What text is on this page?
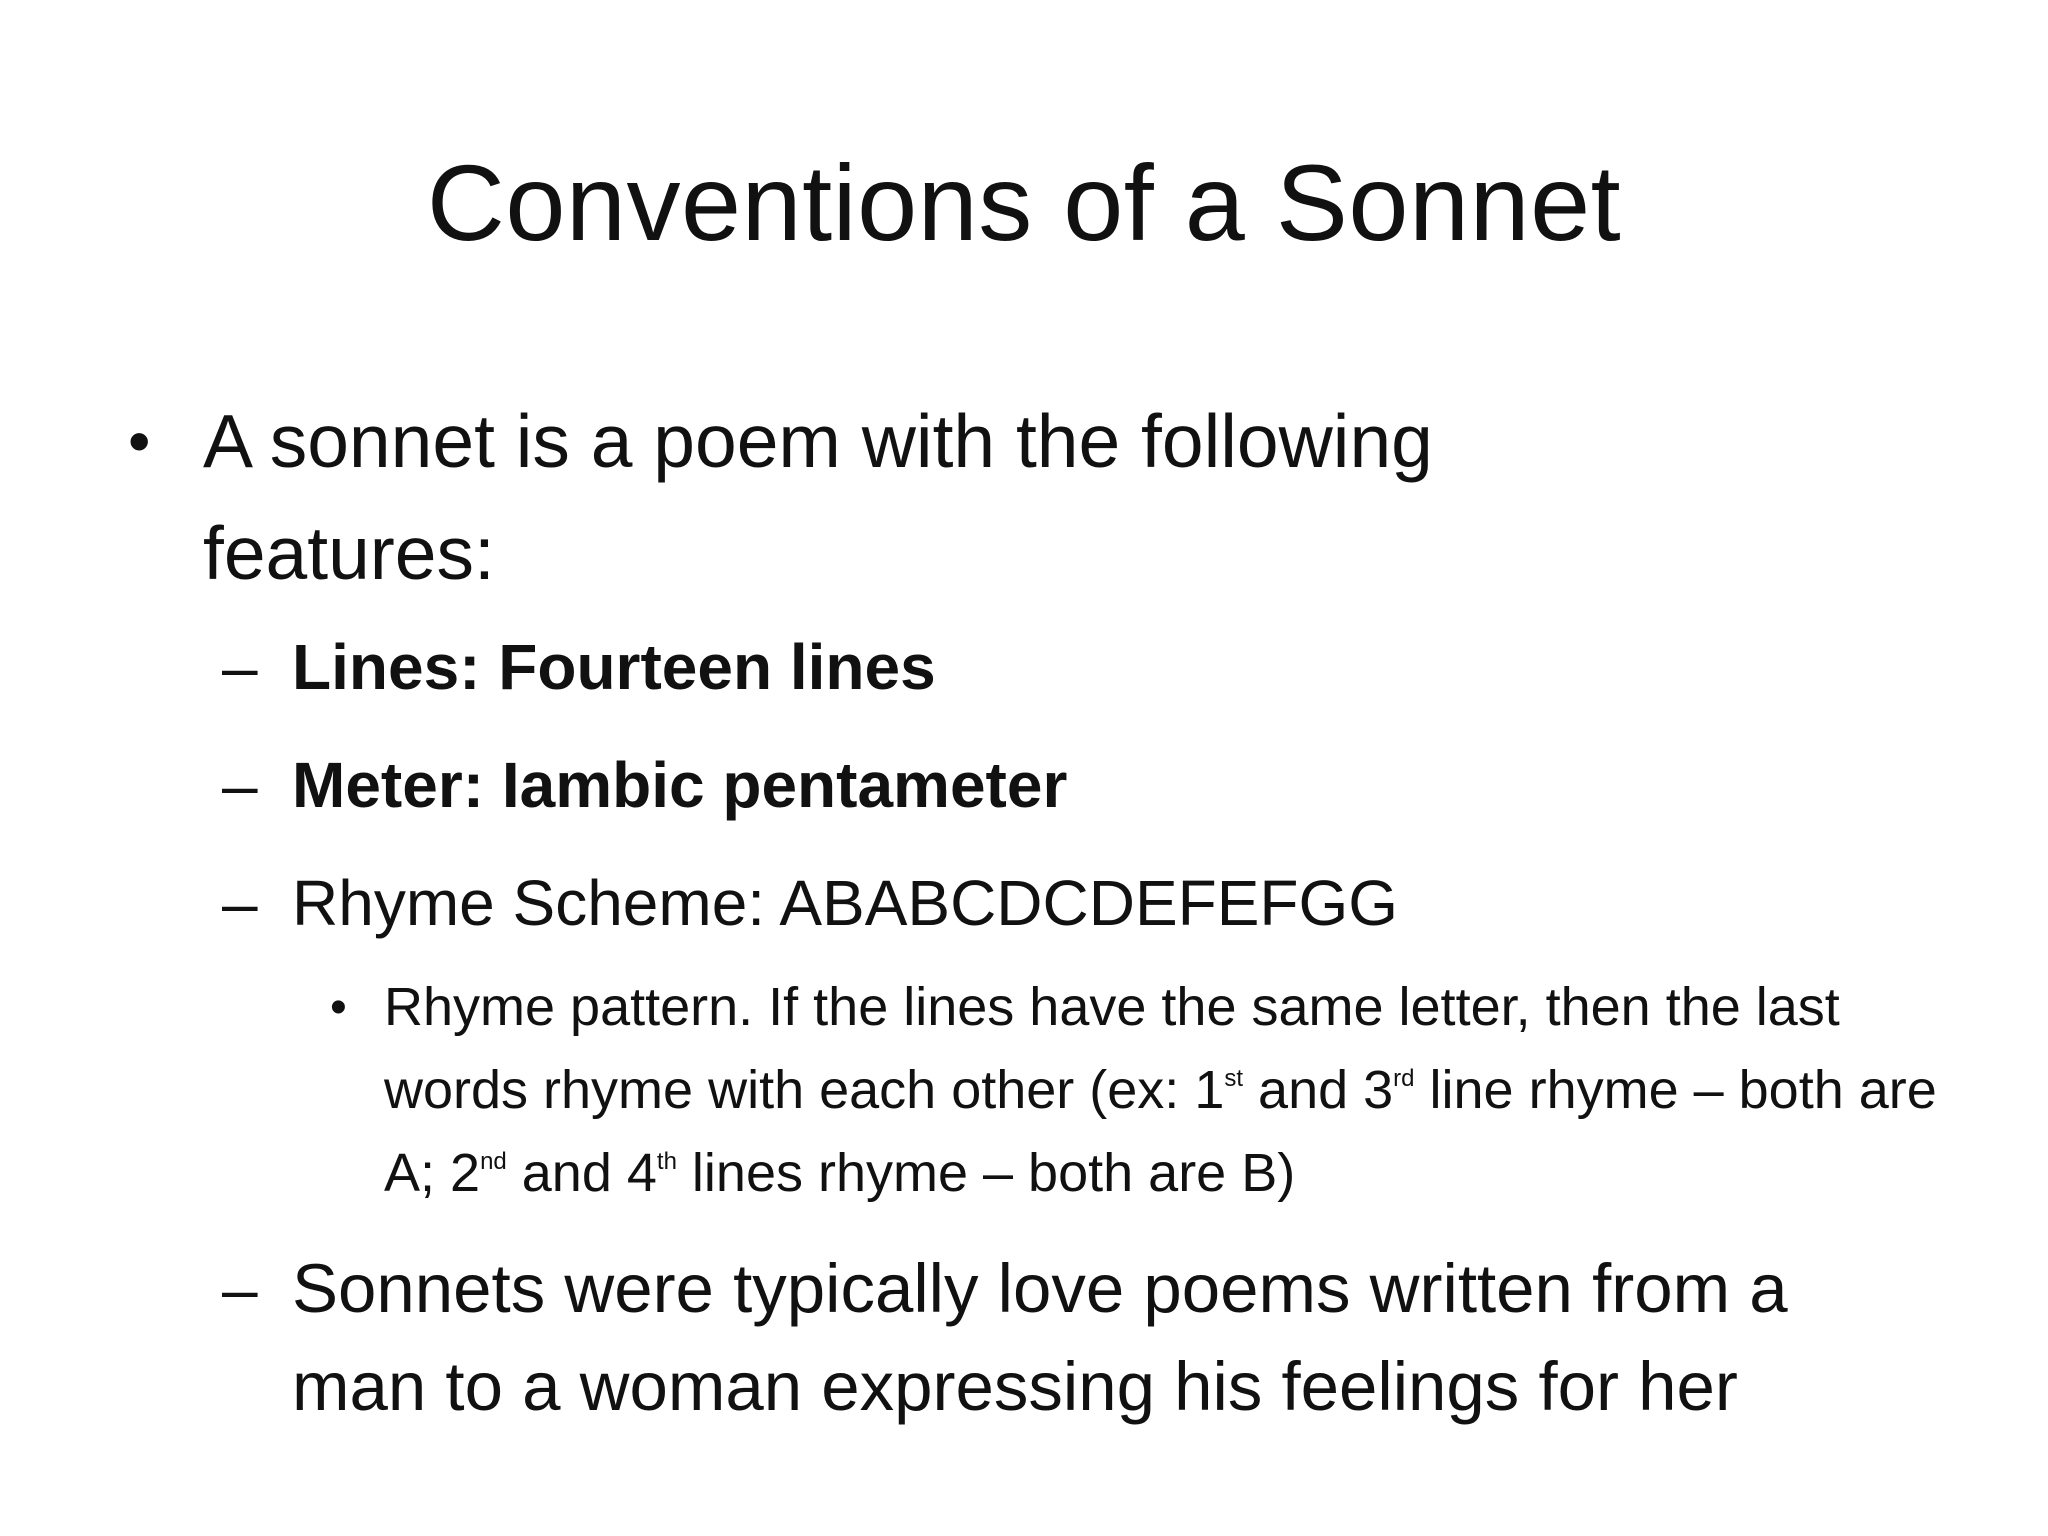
Conventions of a Sonnet
• A sonnet is a poem with the following features:
– Lines: Fourteen lines
– Meter: Iambic pentameter
– Rhyme Scheme: ABABCDCDEFEFGG
• Rhyme pattern. If the lines have the same letter, then the last words rhyme with each other (ex: 1st and 3rd line rhyme – both are A; 2nd and 4th lines rhyme – both are B)
– Sonnets were typically love poems written from a man to a woman expressing his feelings for her
